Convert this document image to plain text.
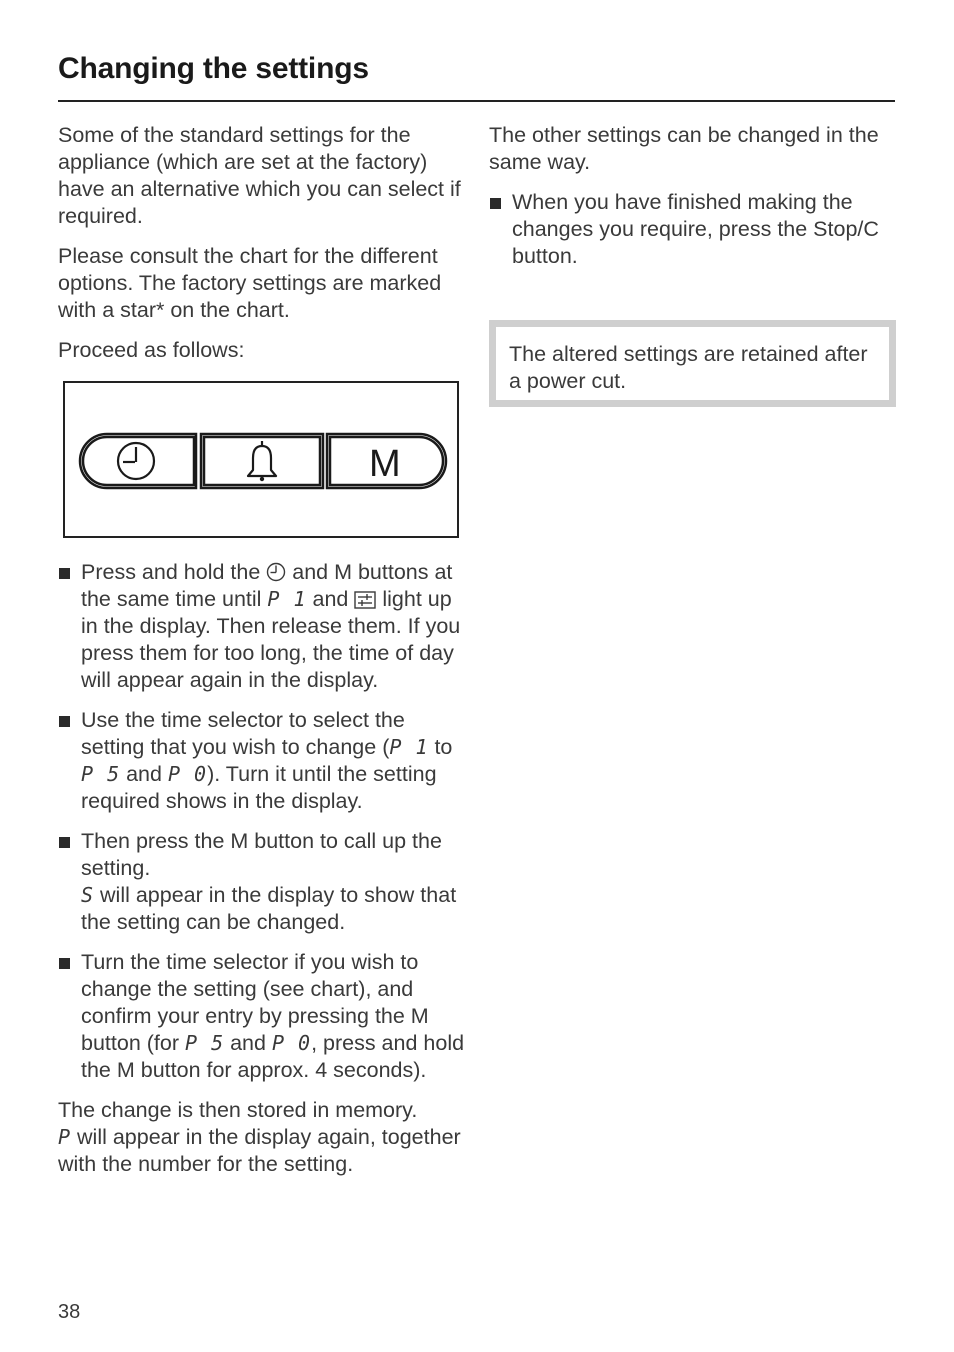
Changing the settings

Some of the standard settings for the appliance (which are set at the factory) have an alternative which you can select if required.

Please consult the chart for the different options. The factory settings are marked with a star* on the chart.

Proceed as follows:

M
Press and hold the  and M buttons at the same time until P 1 and  light up in the display. Then release them. If you press them for too long, the time of day will appear again in the display.
Use the time selector to select the setting that you wish to change (P 1 to P 5 and P 0). Turn it until the setting required shows in the display.
Then press the M button to call up the setting.
S will appear in the display to show that the setting can be changed.
Turn the time selector if you wish to change the setting (see chart), and confirm your entry by pressing the M button (for P 5 and P 0, press and hold the M button for approx. 4 seconds).

The change is then stored in memory.
P will appear in the display again, together with the number for the setting.

The other settings can be changed in the same way.

When you have finished making the changes you require, press the Stop/C button.
The altered settings are retained after a power cut.
38
